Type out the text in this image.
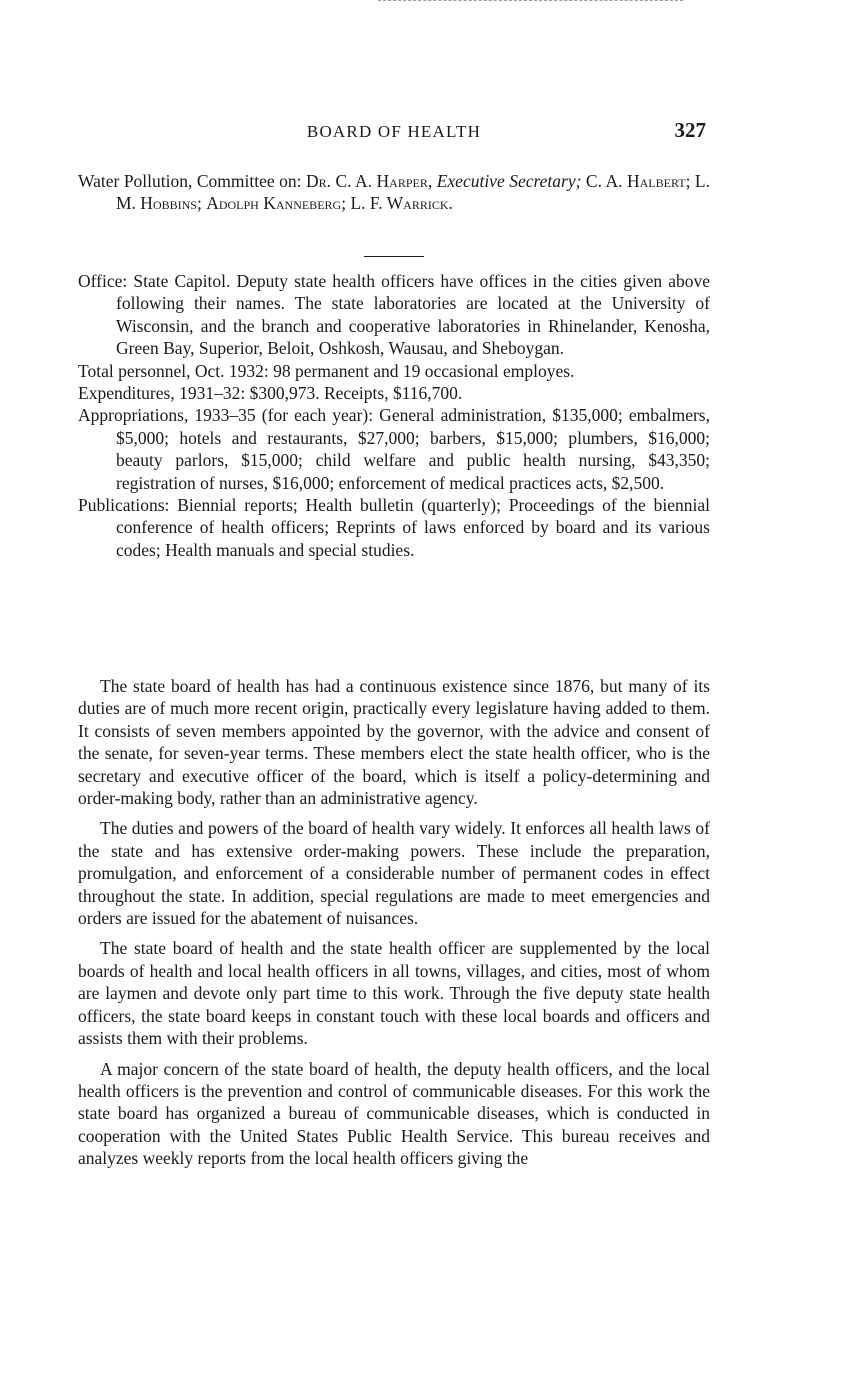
BOARD OF HEALTH	327

Water Pollution, Committee on: Dr. C. A. Harper, Executive Secretary; C. A. Halbert; L. M. Hobbins; Adolph Kanneberg; L. F. Warrick.

Office: State Capitol. Deputy state health officers have offices in the cities given above following their names. The state laboratories are located at the University of Wisconsin, and the branch and cooperative laboratories in Rhinelander, Kenosha, Green Bay, Superior, Beloit, Oshkosh, Wausau, and Sheboygan.

Total personnel, Oct. 1932: 98 permanent and 19 occasional employes.

Expenditures, 1931–32: $300,973. Receipts, $116,700.

Appropriations, 1933–35 (for each year): General administration, $135,000; embalmers, $5,000; hotels and restaurants, $27,000; barbers, $15,000; plumbers, $16,000; beauty parlors, $15,000; child welfare and public health nursing, $43,350; registration of nurses, $16,000; enforcement of medical practices acts, $2,500.

Publications: Biennial reports; Health bulletin (quarterly); Proceedings of the biennial conference of health officers; Reprints of laws enforced by board and its various codes; Health manuals and special studies.

The state board of health has had a continuous existence since 1876, but many of its duties are of much more recent origin, practically every legislature having added to them. It consists of seven members appointed by the governor, with the advice and consent of the senate, for seven-year terms. These members elect the state health officer, who is the secretary and executive officer of the board, which is itself a policy-determining and order-making body, rather than an administrative agency.

The duties and powers of the board of health vary widely. It enforces all health laws of the state and has extensive order-making powers. These include the preparation, promulgation, and enforcement of a considerable number of permanent codes in effect throughout the state. In addition, special regulations are made to meet emergencies and orders are issued for the abatement of nuisances.

The state board of health and the state health officer are supplemented by the local boards of health and local health officers in all towns, villages, and cities, most of whom are laymen and devote only part time to this work. Through the five deputy state health officers, the state board keeps in constant touch with these local boards and officers and assists them with their problems.

A major concern of the state board of health, the deputy health officers, and the local health officers is the prevention and control of communicable diseases. For this work the state board has organized a bureau of communicable diseases, which is conducted in cooperation with the United States Public Health Service. This bureau receives and analyzes weekly reports from the local health officers giving the
